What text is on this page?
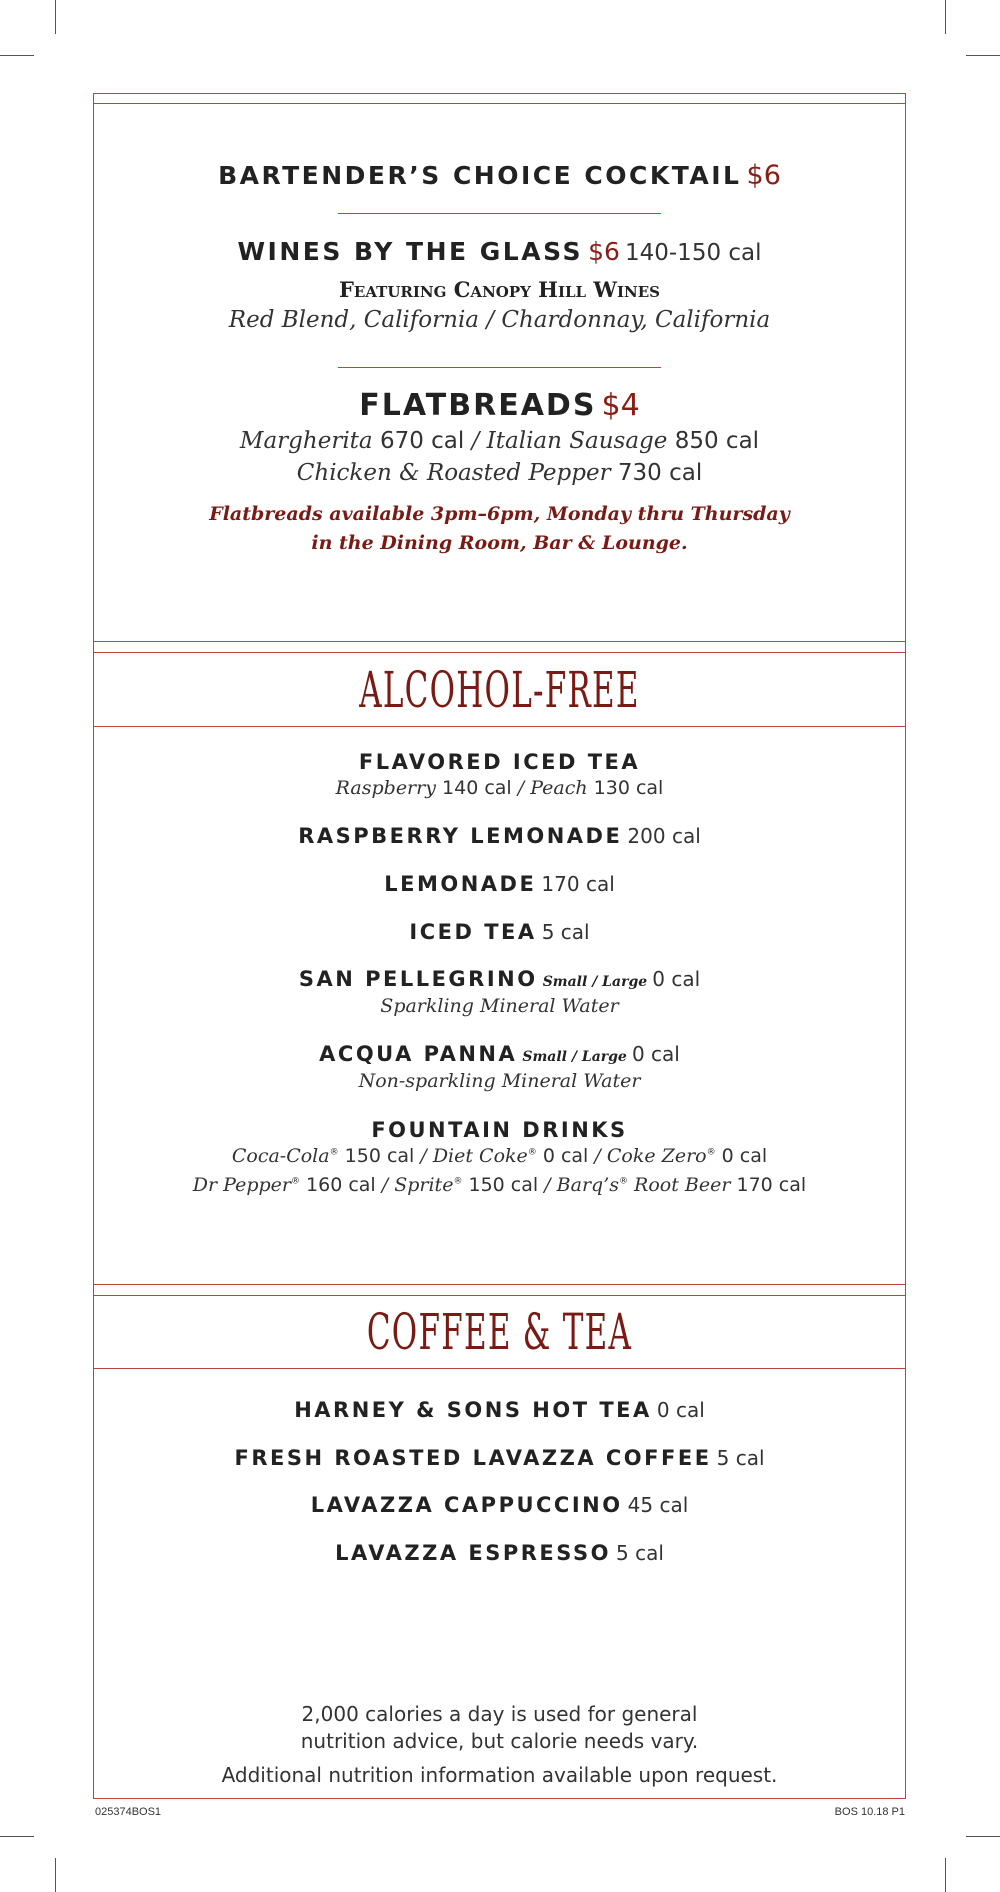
BARTENDER’S CHOICE COCKTAIL $6
WINES BY THE GLASS $6 140-150 cal
Featuring Canopy Hill Wines
Red Blend, California / Chardonnay, California
FLATBREADS $4
Margherita 670 cal / Italian Sausage 850 cal
Chicken & Roasted Pepper 730 cal
Flatbreads available 3pm–6pm, Monday thru Thursday
in the Dining Room, Bar & Lounge.
ALCOHOL-FREE
FLAVORED ICED TEA
Raspberry 140 cal / Peach 130 cal
RASPBERRY LEMONADE 200 cal
LEMONADE 170 cal
ICED TEA 5 cal
SAN PELLEGRINO Small / Large 0 cal
Sparkling Mineral Water
ACQUA PANNA Small / Large 0 cal
Non-sparkling Mineral Water
FOUNTAIN DRINKS
Coca-Cola® 150 cal / Diet Coke® 0 cal / Coke Zero® 0 cal
Dr Pepper® 160 cal / Sprite® 150 cal / Barq’s® Root Beer 170 cal
COFFEE & TEA
HARNEY & SONS HOT TEA 0 cal
FRESH ROASTED LAVAZZA COFFEE 5 cal
LAVAZZA CAPPUCCINO 45 cal
LAVAZZA ESPRESSO 5 cal
2,000 calories a day is used for general
nutrition advice, but calorie needs vary.
Additional nutrition information available upon request.
025374BOS1	BOS 10.18 P1
